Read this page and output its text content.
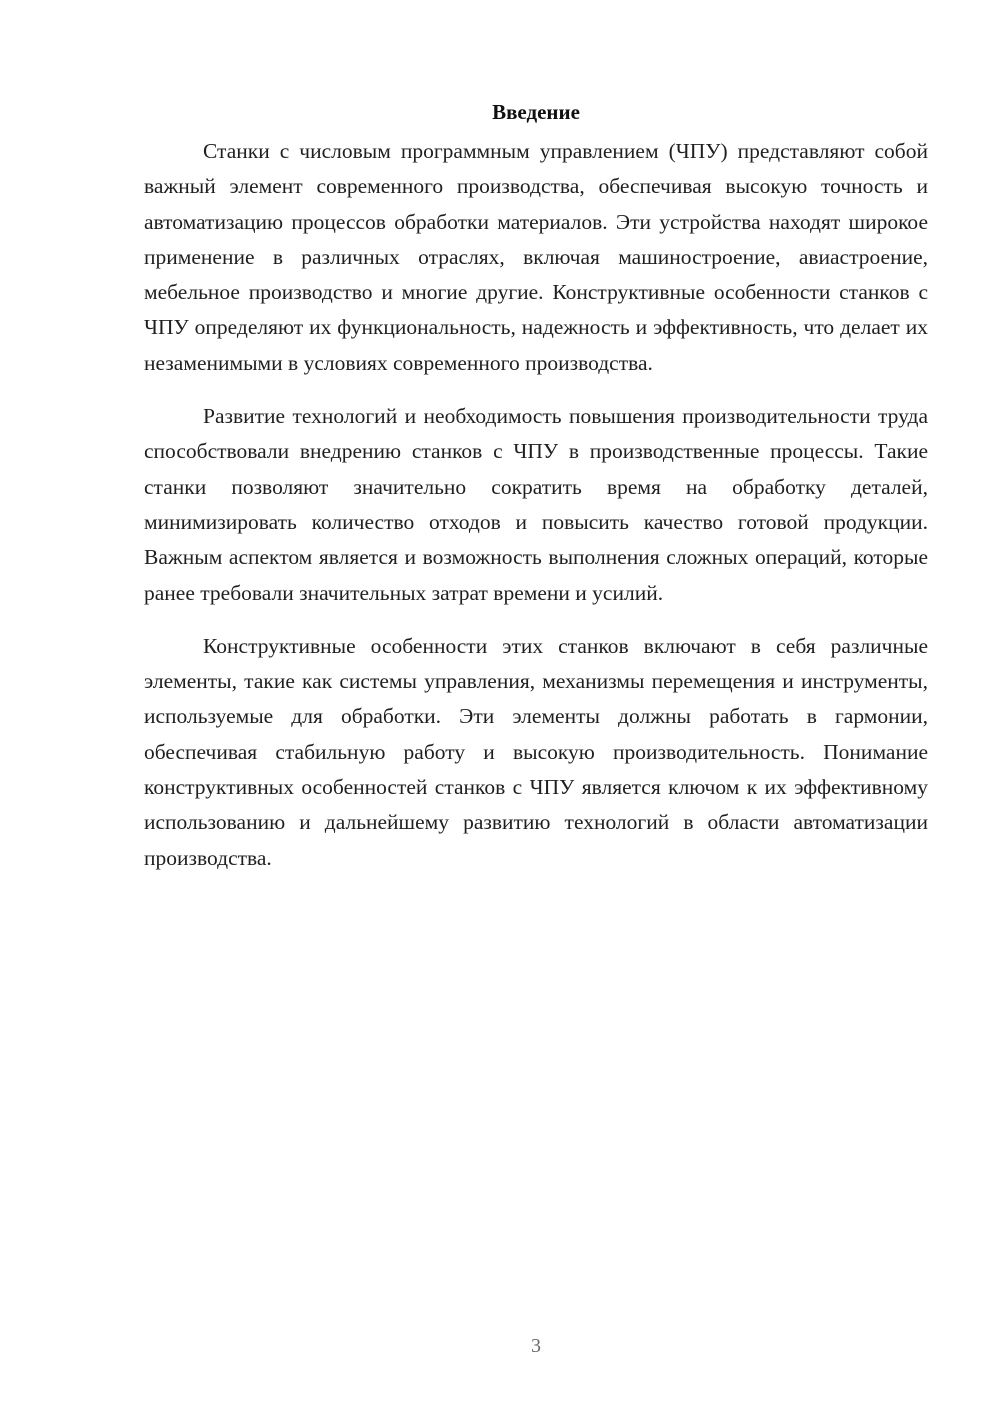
Введение

Станки с числовым программным управлением (ЧПУ) представляют собой важный элемент современного производства, обеспечивая высокую точность и автоматизацию процессов обработки материалов. Эти устройства находят широкое применение в различных отраслях, включая машиностроение, авиастроение, мебельное производство и многие другие. Конструктивные особенности станков с ЧПУ определяют их функциональность, надежность и эффективность, что делает их незаменимыми в условиях современного производства.

Развитие технологий и необходимость повышения производительности труда способствовали внедрению станков с ЧПУ в производственные процессы. Такие станки позволяют значительно сократить время на обработку деталей, минимизировать количество отходов и повысить качество готовой продукции. Важным аспектом является и возможность выполнения сложных операций, которые ранее требовали значительных затрат времени и усилий.

Конструктивные особенности этих станков включают в себя различные элементы, такие как системы управления, механизмы перемещения и инструменты, используемые для обработки. Эти элементы должны работать в гармонии, обеспечивая стабильную работу и высокую производительность. Понимание конструктивных особенностей станков с ЧПУ является ключом к их эффективному использованию и дальнейшему развитию технологий в области автоматизации производства.

3
